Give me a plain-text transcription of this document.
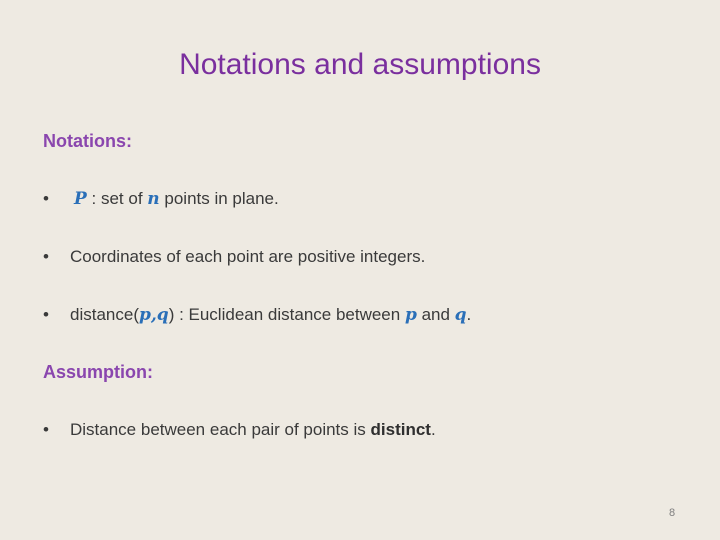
Notations and assumptions
Notations:
• P : set of n points in plane.
• Coordinates of each point are positive integers.
• distance(p,q) : Euclidean distance between p and q.
Assumption:
• Distance between each pair of points is distinct.
8
